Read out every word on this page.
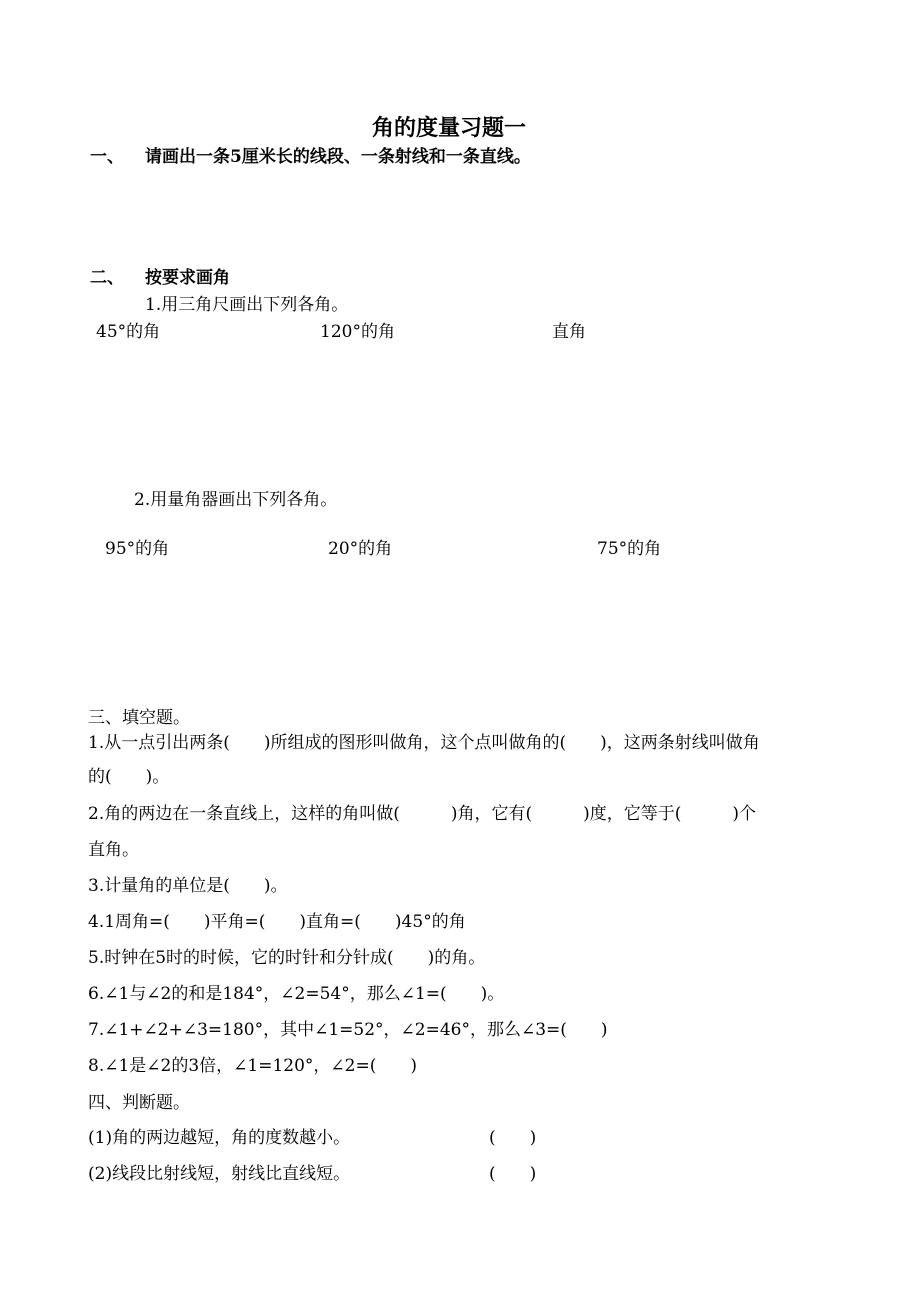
角的度量习题一
一、 请画出一条5厘米长的线段、一条射线和一条直线。
二、 按要求画角
1.用三角尺画出下列各角。
45°的角	120°的角	直角
2.用量角器画出下列各角。
95°的角	20°的角	75°的角
三、填空题。
1.从一点引出两条(　　)所组成的图形叫做角，这个点叫做角的(　　)，这两条射线叫做角
的(　　)。
2.角的两边在一条直线上，这样的角叫做(　　　)角，它有(　　　)度，它等于(　　　)个
直角。
3.计量角的单位是(　　)。
4.1周角=(　　)平角=(　　)直角=(　　)45°的角
5.时钟在5时的时候，它的时针和分针成(　　)的角。
6.∠1与∠2的和是184°，∠2=54°，那么∠1=(　　)。
7.∠1+∠2+∠3=180°，其中∠1=52°，∠2=46°，那么∠3=(　　)
8.∠1是∠2的3倍，∠1=120°，∠2=(　　)
四、判断题。
(1)角的两边越短，角的度数越小。	(　　)
(2)线段比射线短，射线比直线短。	(　　)
